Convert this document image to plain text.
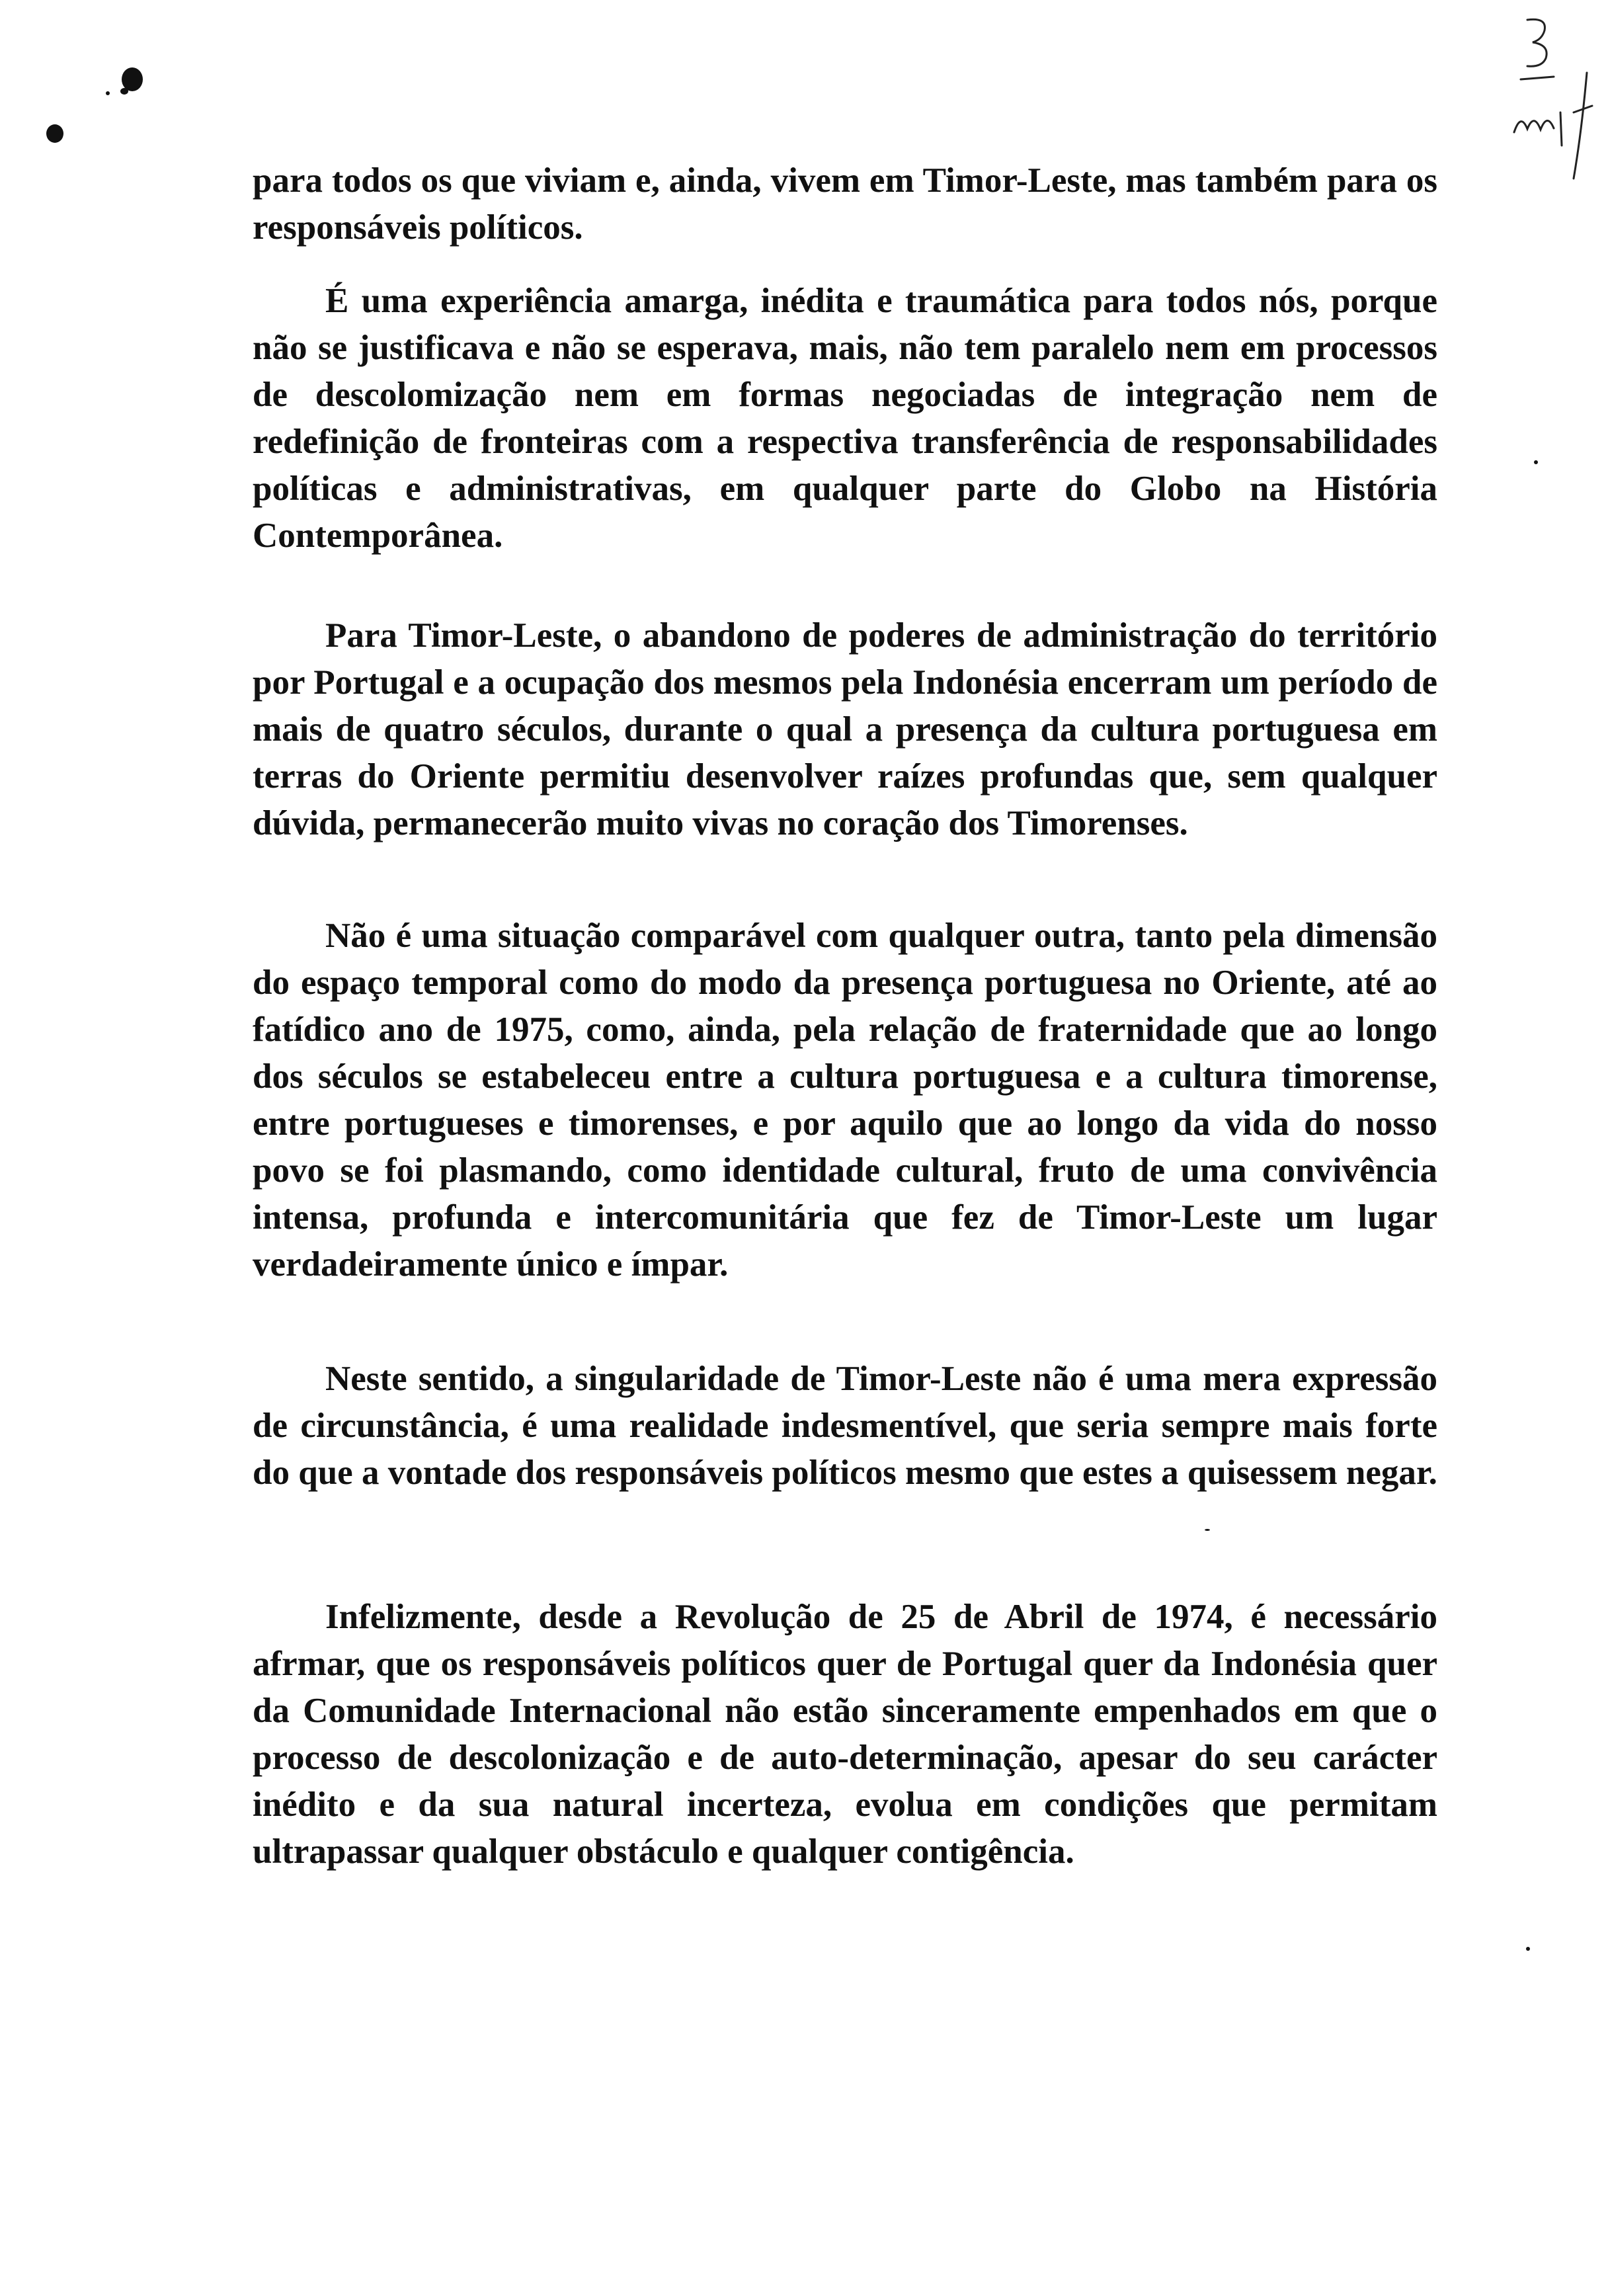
para todos os que viviam e, ainda, vivem em Timor-Leste, mas também para os responsáveis políticos.

É uma experiência amarga, inédita e traumática para todos nós, porque não se justificava e não se esperava, mais, não tem paralelo nem em processos de descolomização nem em formas negociadas de integração nem de redefinição de fronteiras com a respectiva transferência de responsabilidades políticas e administrativas, em qualquer parte do Globo na História Contemporânea.

Para Timor-Leste, o abandono de poderes de administração do território por Portugal e a ocupação dos mesmos pela Indonésia encerram um período de mais de quatro séculos, durante o qual a presença da cultura portuguesa em terras do Oriente permitiu desenvolver raízes profundas que, sem qualquer dúvida, permanecerão muito vivas no coração dos Timorenses.

Não é uma situação comparável com qualquer outra, tanto pela dimensão do espaço temporal como do modo da presença portuguesa no Oriente, até ao fatídico ano de 1975, como, ainda, pela relação de fraternidade que ao longo dos séculos se estabeleceu entre a cultura portuguesa e a cultura timorense, entre portugueses e timorenses, e por aquilo que ao longo da vida do nosso povo se foi plasmando, como identidade cultural, fruto de uma convivência intensa, profunda e intercomunitária que fez de Timor-Leste um lugar verdadeiramente único e ímpar.

Neste sentido, a singularidade de Timor-Leste não é uma mera expressão de circunstância, é uma realidade indesmentível, que seria sempre mais forte do que a vontade dos responsáveis políticos mesmo que estes a quisessem negar.

Infelizmente, desde a Revolução de 25 de Abril de 1974, é necessário afrmar, que os responsáveis políticos quer de Portugal quer da Indonésia quer da Comunidade Internacional não estão sinceramente empenhados em que o processo de descolonização e de auto-determinação, apesar do seu carácter inédito e da sua natural incerteza, evolua em condições que permitam ultrapassar qualquer obstáculo e qualquer contigência.
